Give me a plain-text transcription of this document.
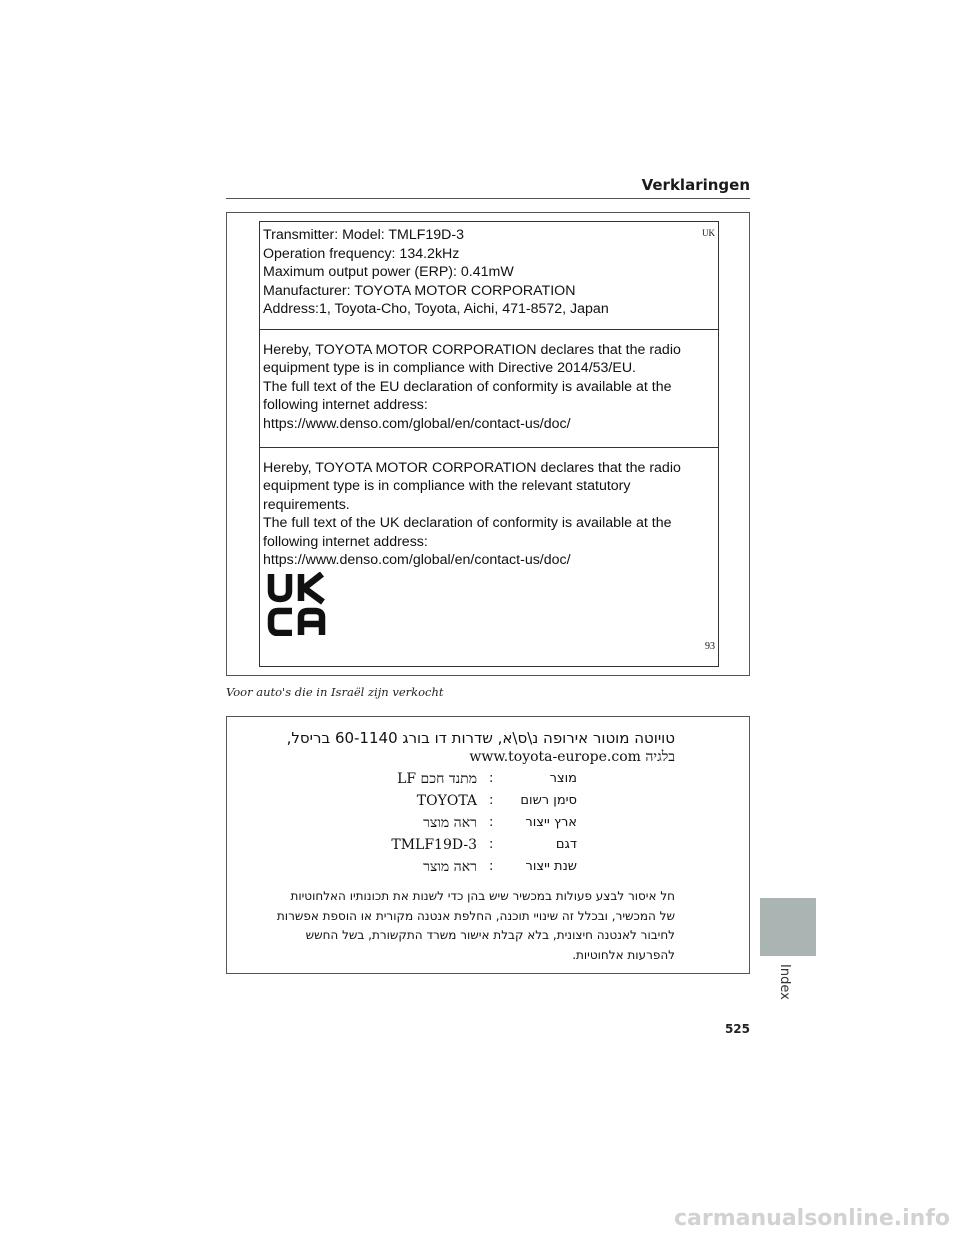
Verklaringen
UK
Transmitter: Model: TMLF19D-3
Operation frequency: 134.2kHz
Maximum output power (ERP): 0.41mW
Manufacturer: TOYOTA MOTOR CORPORATION
Address:1, Toyota-Cho, Toyota, Aichi, 471-8572, Japan
Hereby, TOYOTA MOTOR CORPORATION declares that the radio
equipment type is in compliance with Directive 2014/53/EU.
The full text of the EU declaration of conformity is available at the
following internet address:
https://www.denso.com/global/en/contact-us/doc/
Hereby, TOYOTA MOTOR CORPORATION declares that the radio
equipment type is in compliance with the relevant statutory
requirements.
The full text of the UK declaration of conformity is available at the
following internet address:
https://www.denso.com/global/en/contact-us/doc/
93
Voor auto's die in Israël zijn verkocht
טויוטה מוטור אירופה נ\ס\א, שדרות דו בורג 60-1140 בריסל,
בלגיה www.toyota-europe.com
מוצר
:
מתנד חכם LF
סימן רשום
:
TOYOTA
ארץ ייצור
:
ראה מוצר
דגם
:
TMLF19D-3
שנת ייצור
:
ראה מוצר
חל איסור לבצע פעולות במכשיר שיש בהן כדי לשנות את תכונותיו האלחוטיות
של המכשיר, ובכלל זה שינויי תוכנה, החלפת אנטנה מקורית או הוספת אפשרות
לחיבור לאנטנה חיצונית, בלא קבלת אישור משרד התקשורת, בשל החשש
להפרעות אלחוטיות.
Index
525
carmanualsonline.info
